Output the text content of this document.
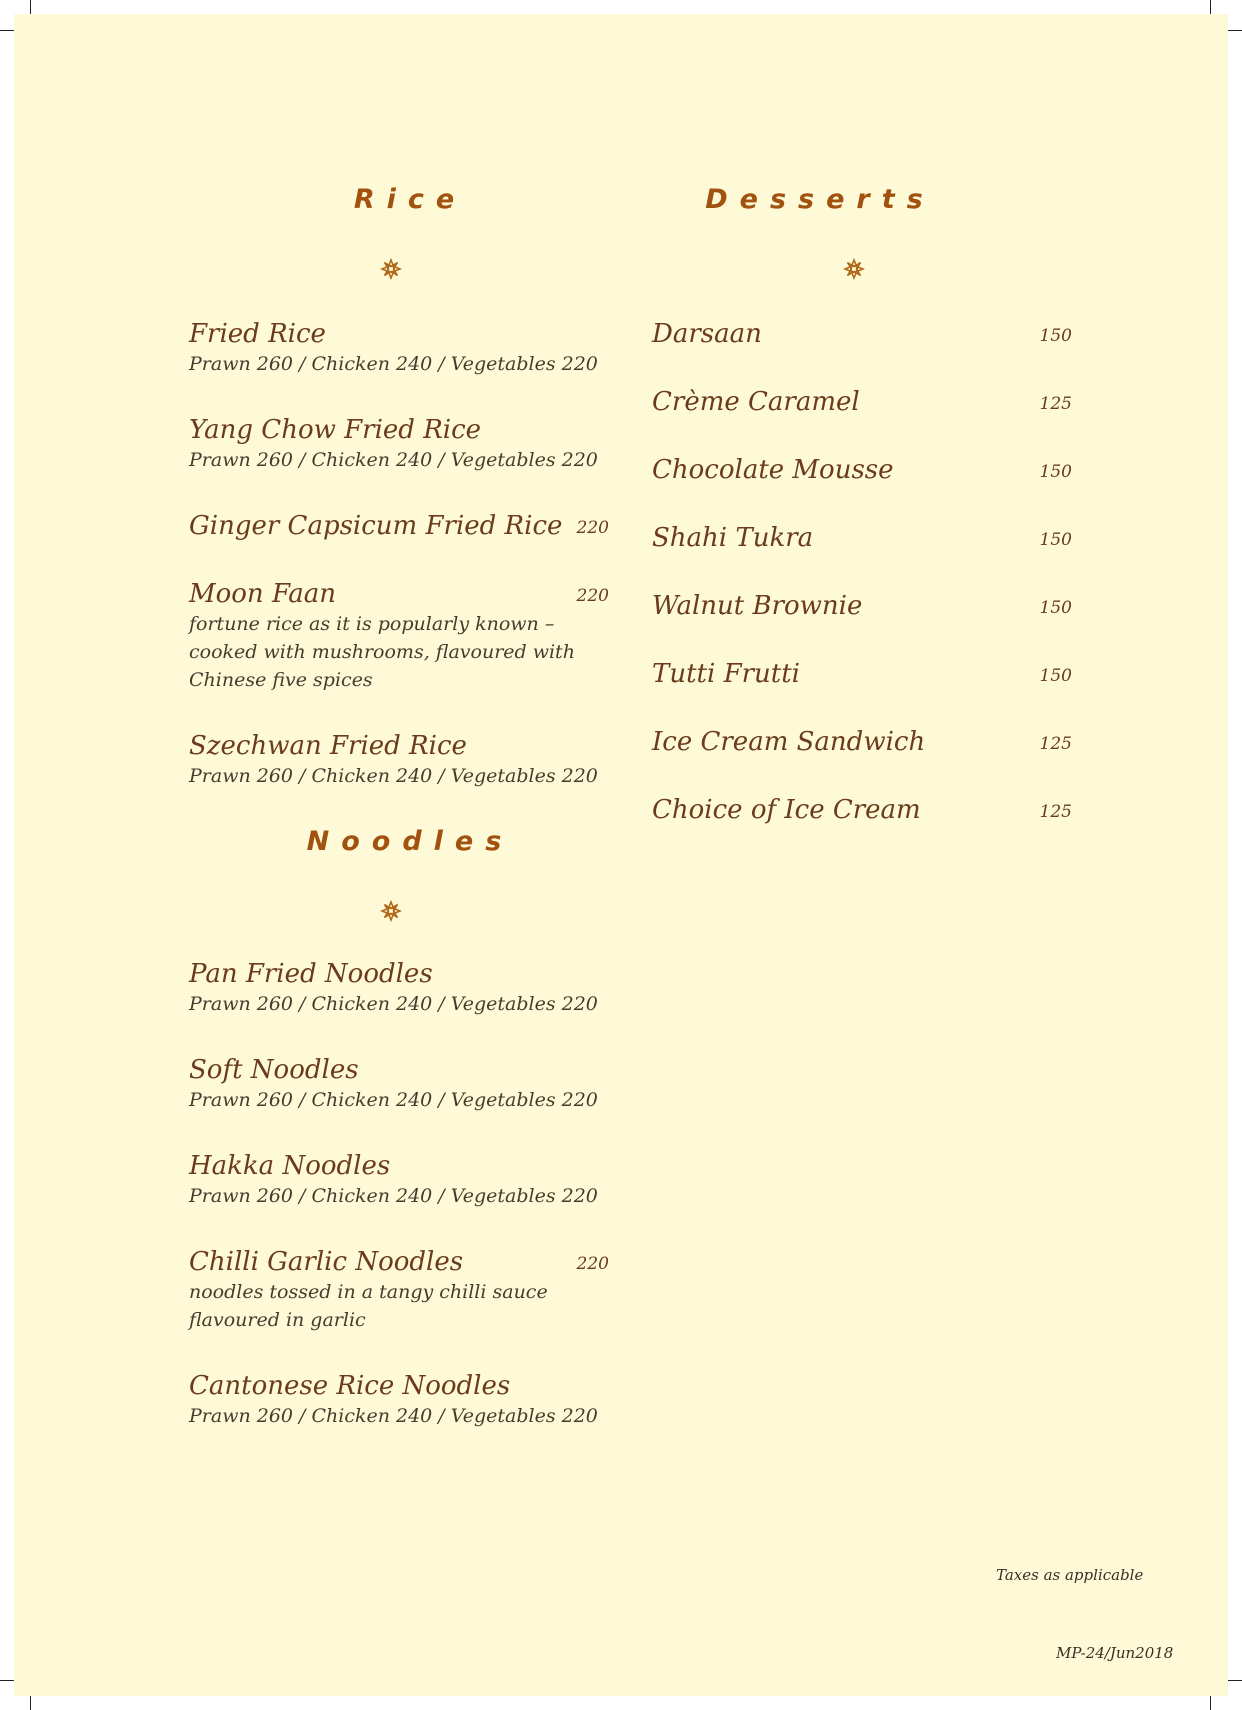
Rice
Fried Rice
Prawn 260 / Chicken 240 / Vegetables 220
Yang Chow Fried Rice
Prawn 260 / Chicken 240 / Vegetables 220
Ginger Capsicum Fried Rice 220
Moon Faan	220
fortune rice as it is popularly known –
cooked with mushrooms, flavoured with
Chinese five spices
Szechwan Fried Rice
Prawn 260 / Chicken 240 / Vegetables 220
Noodles
Pan Fried Noodles
Prawn 260 / Chicken 240 / Vegetables 220
Soft Noodles
Prawn 260 / Chicken 240 / Vegetables 220
Hakka Noodles
Prawn 260 / Chicken 240 / Vegetables 220
Chilli Garlic Noodles	220
noodles tossed in a tangy chilli sauce
flavoured in garlic
Cantonese Rice Noodles
Prawn 260 / Chicken 240 / Vegetables 220
Desserts
Darsaan	150
Crème Caramel	125
Chocolate Mousse	150
Shahi Tukra	150
Walnut Brownie	150
Tutti Frutti	150
Ice Cream Sandwich	125
Choice of Ice Cream	125
Taxes as applicable
MP-24/Jun2018
